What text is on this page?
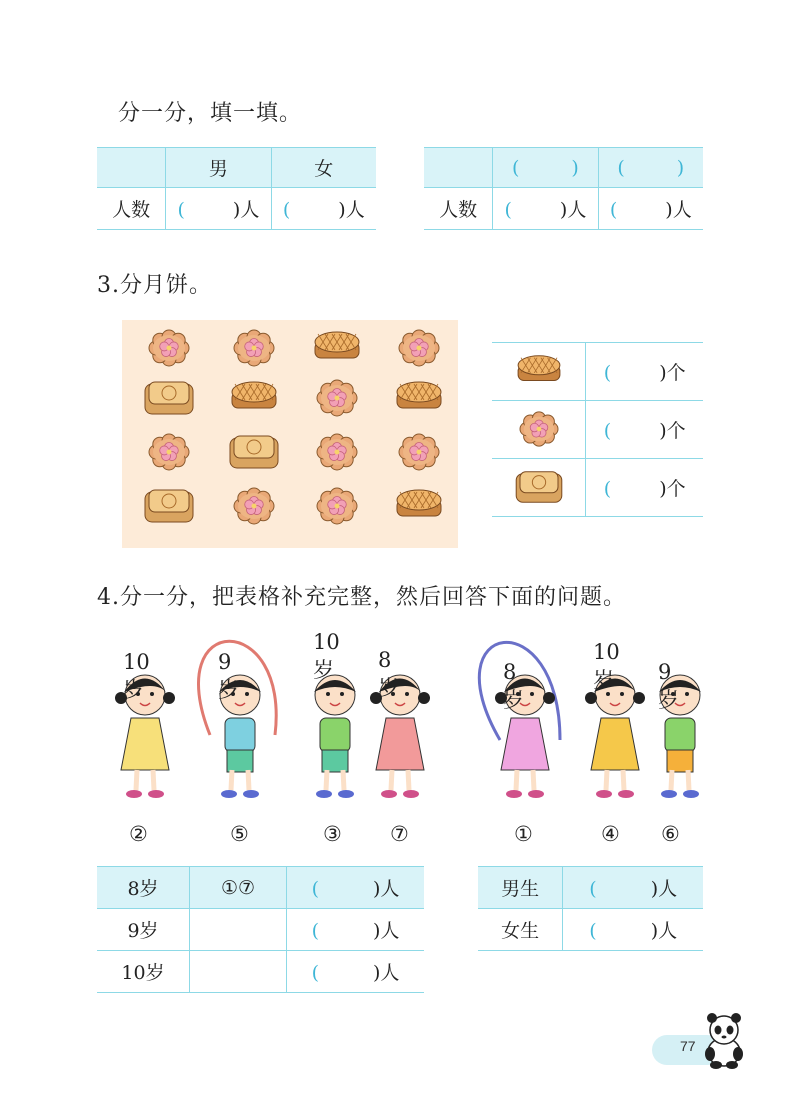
分一分，填一填。
	男	女
人数	( )人	( )人
	( )	( )
人数	( )人	( )人
3.分月饼。
	( )个
	( )个
	( )个
4.分一分，把表格补充完整，然后回答下面的问题。
10岁
②
9岁
⑤
10岁
③
8岁
⑦
8岁
①
10岁
④
9岁
⑥
8岁	①⑦	( )人
9岁		( )人
10岁		( )人
男生	( )人
女生	( )人
77
